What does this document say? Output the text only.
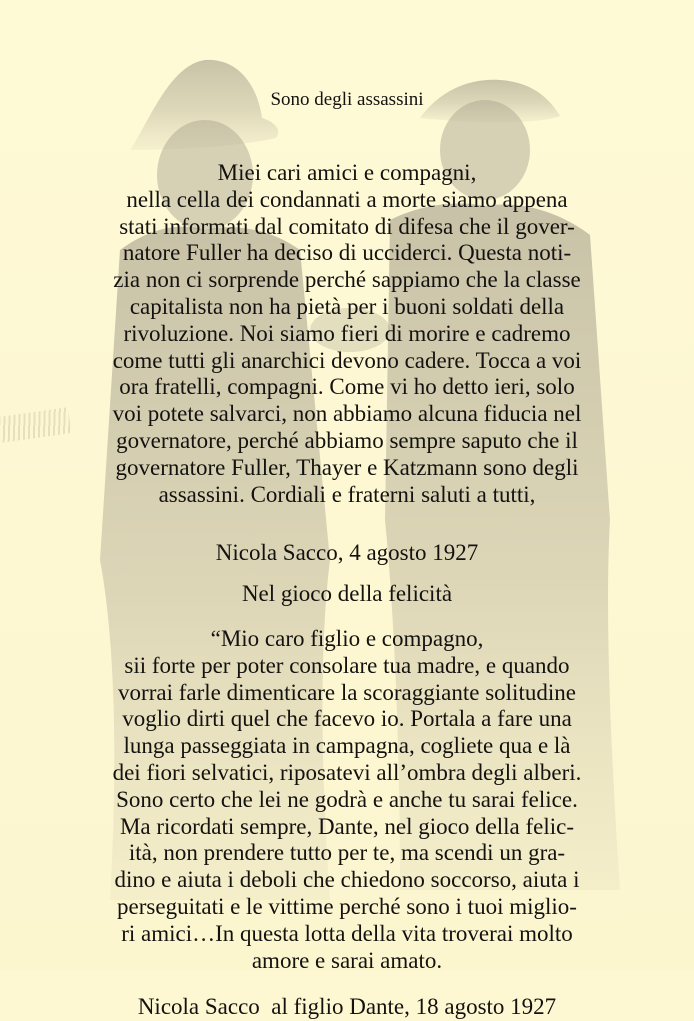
Sono degli assassini
Miei cari amici e compagni,
nella cella dei condannati a morte siamo appena
stati informati dal comitato di difesa che il gover-
natore Fuller ha deciso di ucciderci. Questa noti-
zia non ci sorprende perché sappiamo che la classe
capitalista non ha pietà per i buoni soldati della
rivoluzione. Noi siamo fieri di morire e cadremo
come tutti gli anarchici devono cadere. Tocca a voi
ora fratelli, compagni. Come vi ho detto ieri, solo
voi potete salvarci, non abbiamo alcuna fiducia nel
governatore, perché abbiamo sempre saputo che il
governatore Fuller, Thayer e Katzmann sono degli
assassini. Cordiali e fraterni saluti a tutti,
Nicola Sacco, 4 agosto 1927
Nel gioco della felicità
“Mio caro figlio e compagno,
sii forte per poter consolare tua madre, e quando
vorrai farle dimenticare la scoraggiante solitudine
voglio dirti quel che facevo io. Portala a fare una
lunga passeggiata in campagna, cogliete qua e là
dei fiori selvatici, riposatevi all’ombra degli alberi.
Sono certo che lei ne godrà e anche tu sarai felice.
Ma ricordati sempre, Dante, nel gioco della felic-
ità, non prendere tutto per te, ma scendi un gra-
dino e aiuta i deboli che chiedono soccorso, aiuta i
perseguitati e le vittime perché sono i tuoi miglio-
ri amici…In questa lotta della vita troverai molto
amore e sarai amato.
Nicola Sacco  al figlio Dante, 18 agosto 1927
